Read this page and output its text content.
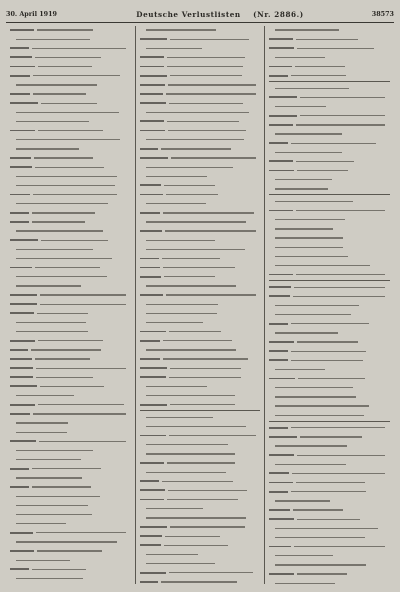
30. April 1919	Deutsche Verlustlisten (Nr. 2886.)	38573
